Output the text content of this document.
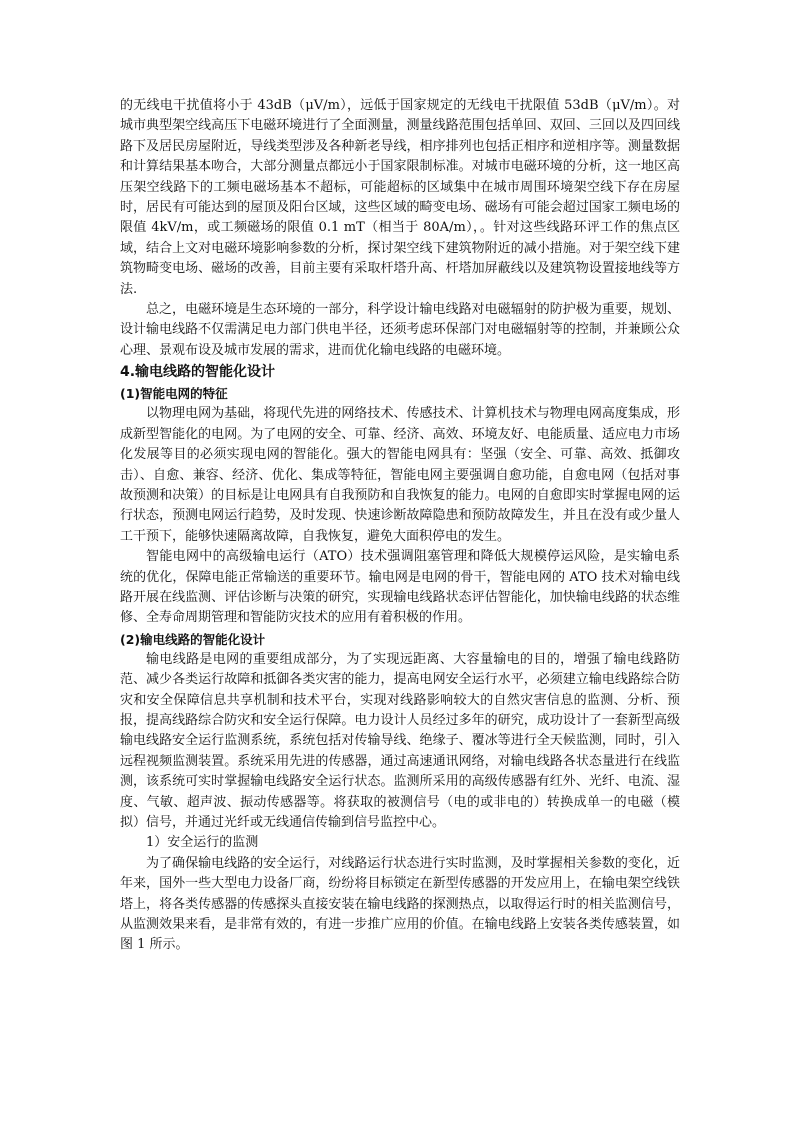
的无线电干扰值将小于 43dB（μV/m），远低于国家规定的无线电干扰限值 53dB（μV/m）。对城市典型架空线高压下电磁环境进行了全面测量，测量线路范围包括单回、双回、三回以及四回线路下及居民房屋附近，导线类型涉及各种新老导线，相序排列也包括正相序和逆相序等。测量数据和计算结果基本吻合，大部分测量点都远小于国家限制标准。对城市电磁环境的分析，这一地区高压架空线路下的工频电磁场基本不超标，可能超标的区域集中在城市周围环境架空线下存在房屋时，居民有可能达到的屋顶及阳台区域，这些区域的畸变电场、磁场有可能会超过国家工频电场的限值 4kV/m，或工频磁场的限值 0.1 mT（相当于 80A/m），。针对这些线路环评工作的焦点区域，结合上文对电磁环境影响参数的分析，探讨架空线下建筑物附近的减小措施。对于架空线下建筑物畸变电场、磁场的改善，目前主要有采取杆塔升高、杆塔加屏蔽线以及建筑物设置接地线等方法.

总之，电磁环境是生态环境的一部分，科学设计输电线路对电磁辐射的防护极为重要，规划、设计输电线路不仅需满足电力部门供电半径，还须考虑环保部门对电磁辐射等的控制，并兼顾公众心理、景观布设及城市发展的需求，进而优化输电线路的电磁环境。

4.输电线路的智能化设计

(1)智能电网的特征

以物理电网为基础，将现代先进的网络技术、传感技术、计算机技术与物理电网高度集成，形成新型智能化的电网。为了电网的安全、可靠、经济、高效、环境友好、电能质量、适应电力市场化发展等目的必须实现电网的智能化。强大的智能电网具有：坚强（安全、可靠、高效、抵御攻击）、自愈、兼容、经济、优化、集成等特征，智能电网主要强调自愈功能，自愈电网（包括对事故预测和决策）的目标是让电网具有自我预防和自我恢复的能力。电网的自愈即实时掌握电网的运行状态，预测电网运行趋势，及时发现、快速诊断故障隐患和预防故障发生，并且在没有或少量人工干预下，能够快速隔离故障，自我恢复，避免大面积停电的发生。

智能电网中的高级输电运行（ATO）技术强调阻塞管理和降低大规模停运风险，是实输电系统的优化，保障电能正常输送的重要环节。输电网是电网的骨干，智能电网的 ATO 技术对输电线路开展在线监测、评估诊断与决策的研究，实现输电线路状态评估智能化，加快输电线路的状态维修、全寿命周期管理和智能防灾技术的应用有着积极的作用。

(2)输电线路的智能化设计

输电线路是电网的重要组成部分，为了实现远距离、大容量输电的目的，增强了输电线路防范、减少各类运行故障和抵御各类灾害的能力，提高电网安全运行水平，必须建立输电线路综合防灾和安全保障信息共享机制和技术平台，实现对线路影响较大的自然灾害信息的监测、分析、预报，提高线路综合防灾和安全运行保障。电力设计人员经过多年的研究，成功设计了一套新型高级输电线路安全运行监测系统，系统包括对传输导线、绝缘子、覆冰等进行全天候监测，同时，引入远程视频监测装置。系统采用先进的传感器，通过高速通讯网络，对输电线路各状态量进行在线监测，该系统可实时掌握输电线路安全运行状态。监测所采用的高级传感器有红外、光纤、电流、湿度、气敏、超声波、振动传感器等。将获取的被测信号（电的或非电的）转换成单一的电磁（模拟）信号，并通过光纤或无线通信传输到信号监控中心。

1）安全运行的监测

为了确保输电线路的安全运行，对线路运行状态进行实时监测，及时掌握相关参数的变化，近年来，国外一些大型电力设备厂商，纷纷将目标锁定在新型传感器的开发应用上，在输电架空线铁塔上，将各类传感器的传感探头直接安装在输电线路的探测热点，以取得运行时的相关监测信号，从监测效果来看，是非常有效的，有进一步推广应用的价值。在输电线路上安装各类传感装置，如图 1 所示。
